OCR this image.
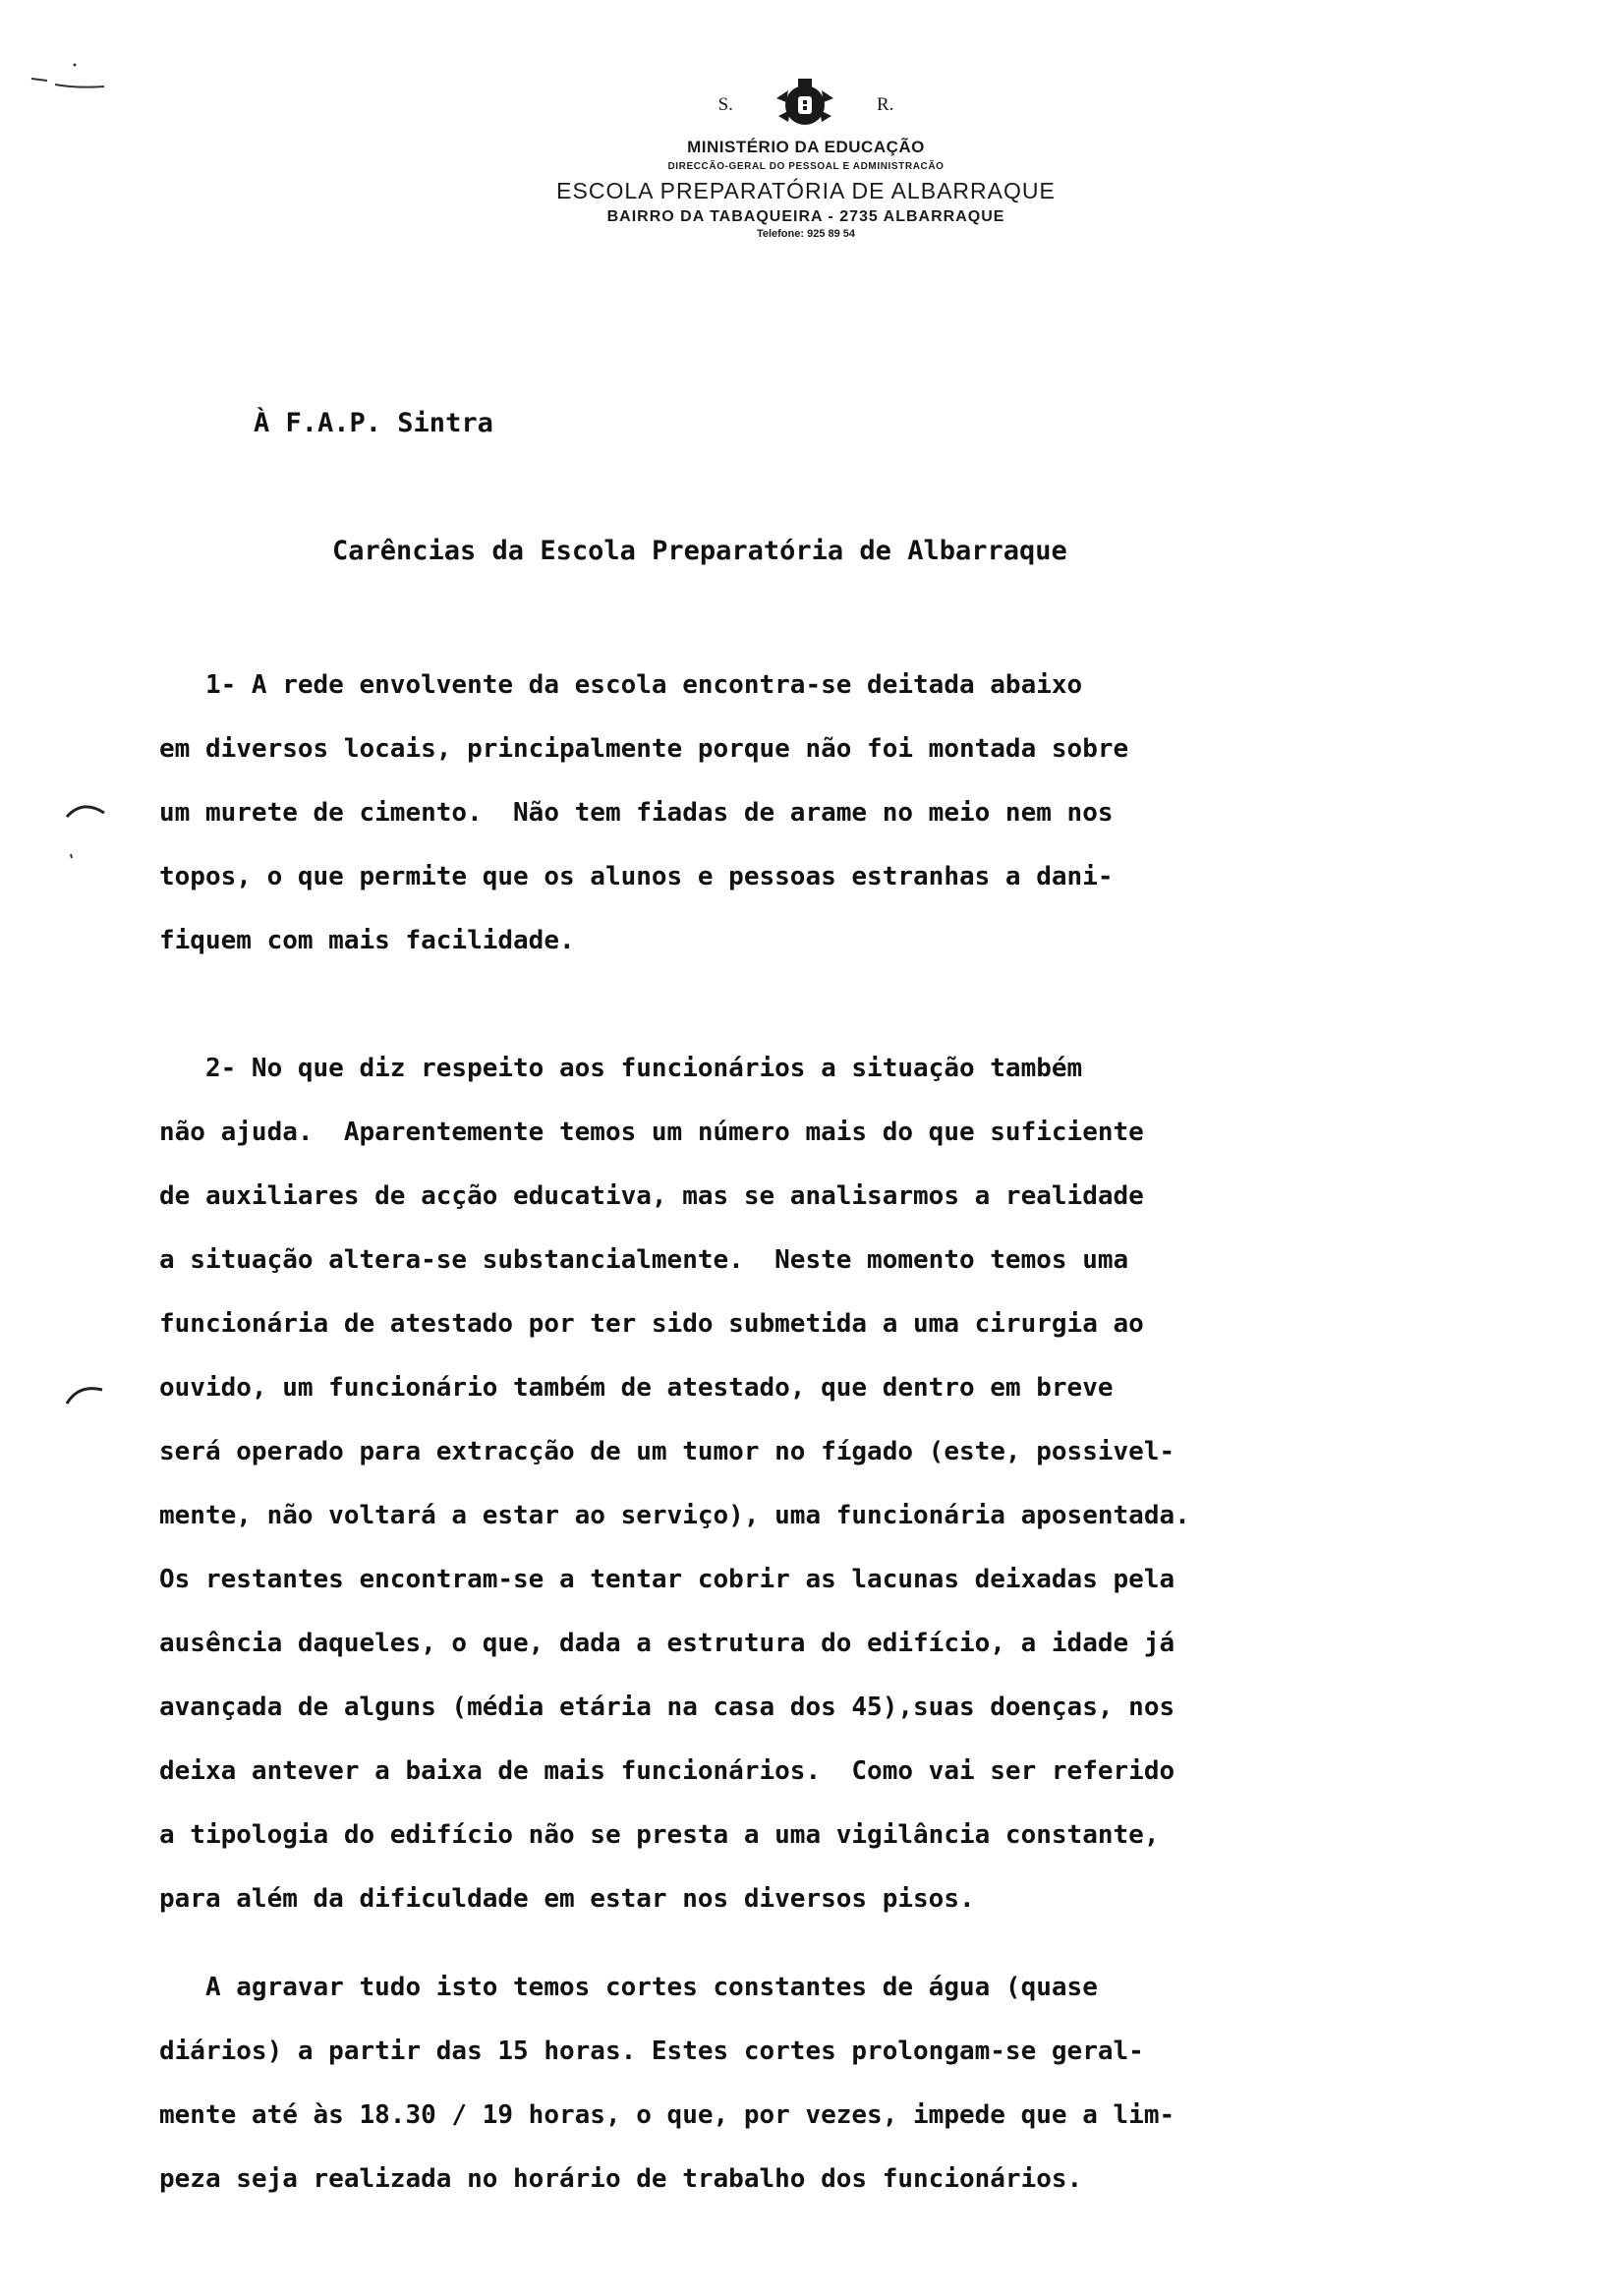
S.	R.
MINISTÉRIO DA EDUCAÇÃO
DIRECCÃO-GERAL DO PESSOAL E ADMINISTRACÃO
ESCOLA PREPARATÓRIA DE ALBARRAQUE
BAIRRO DA TABAQUEIRA - 2735 ALBARRAQUE
Telefone: 925 89 54
À F.A.P. Sintra
Carências da Escola Preparatória de Albarraque
1- A rede envolvente da escola encontra-se deitada abaixo
em diversos locais, principalmente porque não foi montada sobre
um murete de cimento.  Não tem fiadas de arame no meio nem nos
topos, o que permite que os alunos e pessoas estranhas a dani-
fiquem com mais facilidade.
2- No que diz respeito aos funcionários a situação também
não ajuda.  Aparentemente temos um número mais do que suficiente
de auxiliares de acção educativa, mas se analisarmos a realidade
a situação altera-se substancialmente.  Neste momento temos uma
funcionária de atestado por ter sido submetida a uma cirurgia ao
ouvido, um funcionário também de atestado, que dentro em breve
será operado para extracção de um tumor no fígado (este, possivel-
mente, não voltará a estar ao serviço), uma funcionária aposentada.
Os restantes encontram-se a tentar cobrir as lacunas deixadas pela
ausência daqueles, o que, dada a estrutura do edifício, a idade já
avançada de alguns (média etária na casa dos 45),suas doenças, nos
deixa antever a baixa de mais funcionários.  Como vai ser referido
a tipologia do edifício não se presta a uma vigilância constante,
para além da dificuldade em estar nos diversos pisos.
A agravar tudo isto temos cortes constantes de água (quase
diários) a partir das 15 horas. Estes cortes prolongam-se geral-
mente até às 18.30 / 19 horas, o que, por vezes, impede que a lim-
peza seja realizada no horário de trabalho dos funcionários.
